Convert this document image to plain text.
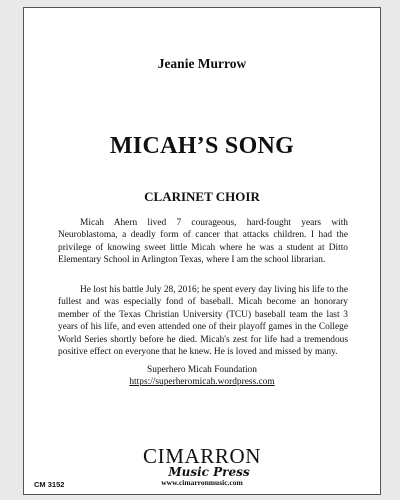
Jeanie Murrow
MICAH’S SONG
CLARINET CHOIR

Micah Ahern lived 7 courageous, hard-fought years with Neuroblastoma, a deadly form of cancer that attacks children. I had the privilege of knowing sweet little Micah where he was a student at Ditto Elementary School in Arlington Texas, where I am the school librarian.

He lost his battle July 28, 2016; he spent every day living his life to the fullest and was especially fond of baseball. Micah become an honorary member of the Texas Christian University (TCU) baseball team the last 3 years of his life, and even attended one of their playoff games in the College World Series shortly before he died. Micah's zest for life had a tremendous positive effect on everyone that he knew. He is loved and missed by many.

Superhero Micah Foundation
https://superheromicah.wordpress.com
CIMARRON
Music Press
www.cimarronmusic.com
CM 3152
